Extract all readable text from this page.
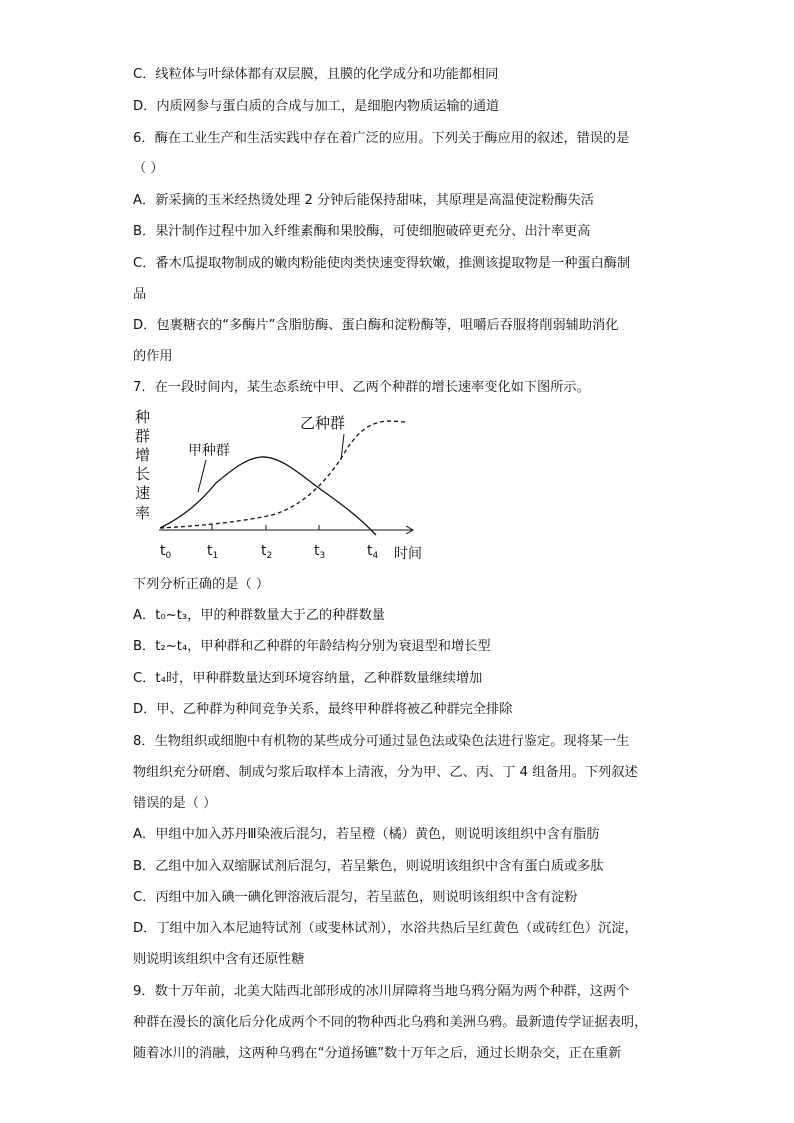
C．线粒体与叶绿体都有双层膜，且膜的化学成分和功能都相同
D．内质网参与蛋白质的合成与加工，是细胞内物质运输的通道
6．酶在工业生产和生活实践中存在着广泛的应用。下列关于酶应用的叙述，错误的是
（ ）
A．新采摘的玉米经热烫处理 2 分钟后能保持甜味，其原理是高温使淀粉酶失活
B．果汁制作过程中加入纤维素酶和果胶酶，可使细胞破碎更充分、出汁率更高
C．番木瓜提取物制成的嫩肉粉能使肉类快速变得软嫩，推测该提取物是一种蛋白酶制
品
D．包裹糖衣的“多酶片”含脂肪酶、蛋白酶和淀粉酶等，咀嚼后吞服将削弱辅助消化
的作用
7．在一段时间内，某生态系统中甲、乙两个种群的增长速率变化如下图所示。
种
群
增
长
速
率
甲种群
乙种群
$t_0$	$t_1$	$t_2$	$t_3$	$t_4$ 时间
下列分析正确的是（ ）
A．t₀~t₃，甲的种群数量大于乙的种群数量
B．t₂~t₄，甲种群和乙种群的年龄结构分别为衰退型和增长型
C．t₄时，甲种群数量达到环境容纳量，乙种群数量继续增加
D．甲、乙种群为种间竞争关系，最终甲种群将被乙种群完全排除
8．生物组织或细胞中有机物的某些成分可通过显色法或染色法进行鉴定。现将某一生
物组织充分研磨、制成匀浆后取样本上清液，分为甲、乙、丙、丁 4 组备用。下列叙述
错误的是（ ）
A．甲组中加入苏丹Ⅲ染液后混匀，若呈橙（橘）黄色，则说明该组织中含有脂肪
B．乙组中加入双缩脲试剂后混匀，若呈紫色，则说明该组织中含有蛋白质或多肽
C．丙组中加入碘一碘化钾溶液后混匀，若呈蓝色，则说明该组织中含有淀粉
D．丁组中加入本尼迪特试剂（或斐林试剂），水浴共热后呈红黄色（或砖红色）沉淀，
则说明该组织中含有还原性糖
9．数十万年前，北美大陆西北部形成的冰川屏障将当地乌鸦分隔为两个种群，这两个
种群在漫长的演化后分化成两个不同的物种西北乌鸦和美洲乌鸦。最新遗传学证据表明，
随着冰川的消融，这两种乌鸦在“分道扬镳”数十万年之后，通过长期杂交，正在重新
